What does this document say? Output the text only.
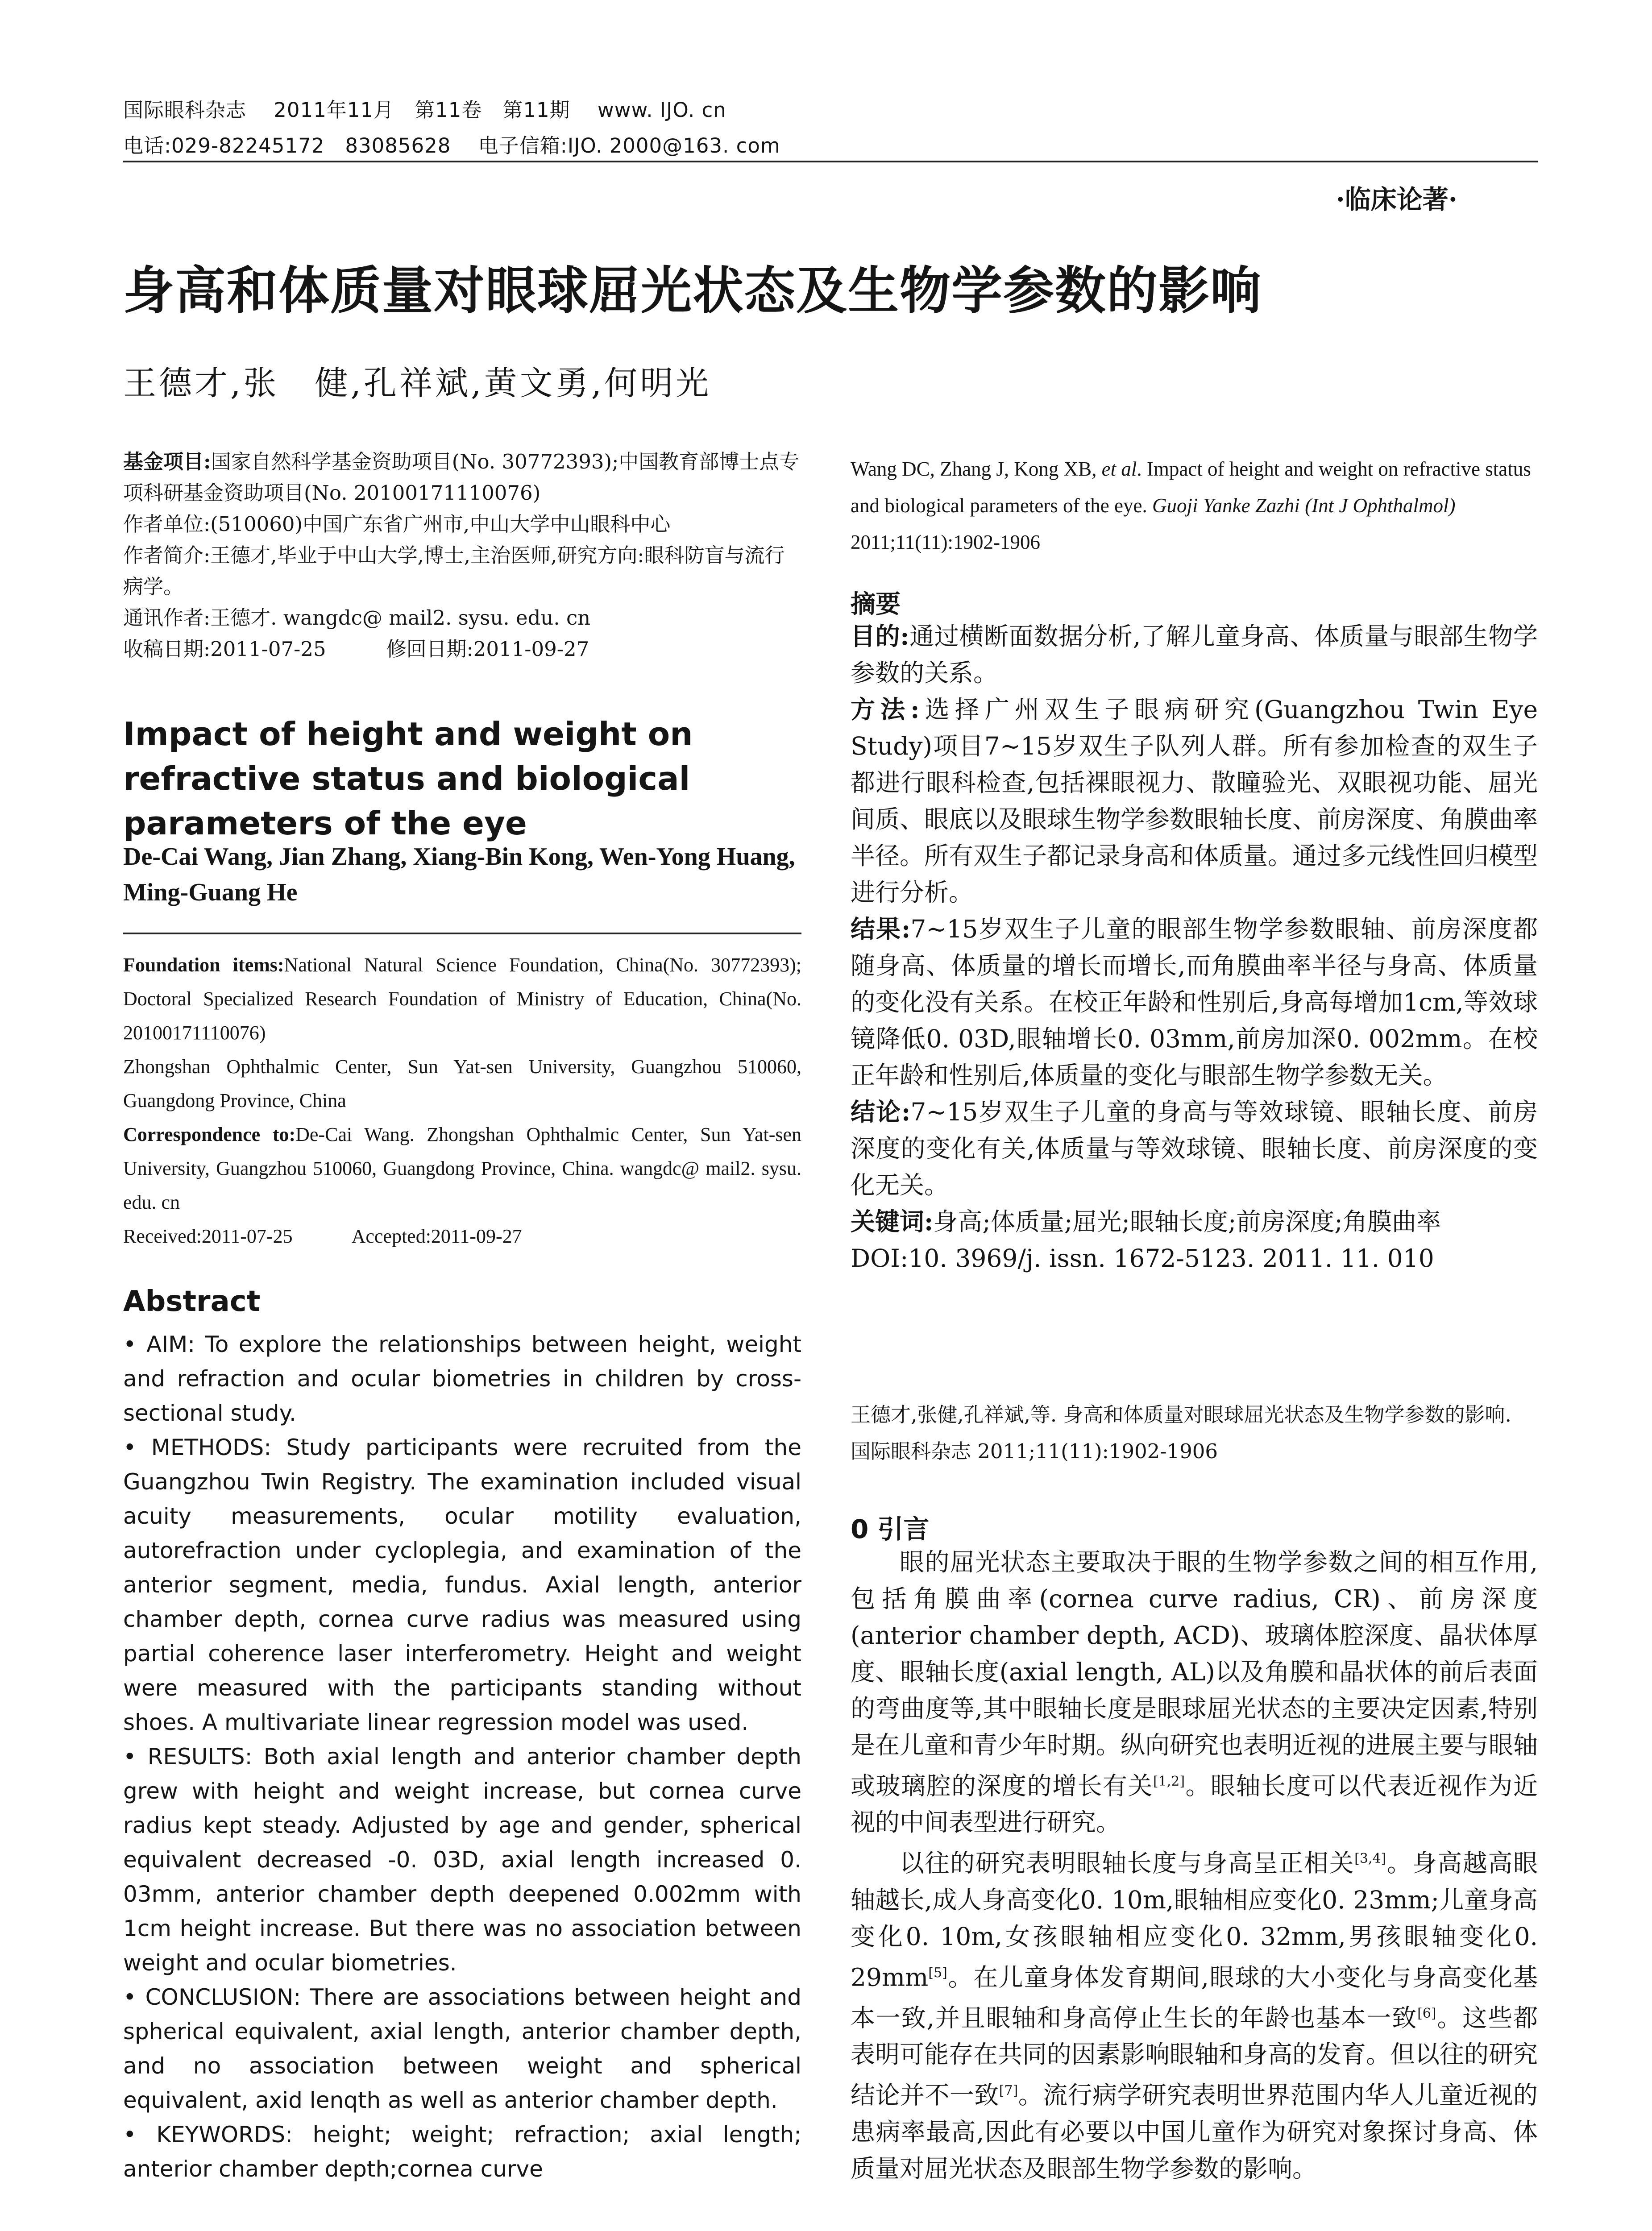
国际眼科杂志　 2011年11月　第11卷　第11期　 www. IJO. cn
电话:029-82245172　83085628　 电子信箱:IJO. 2000@163. com
·临床论著·
身高和体质量对眼球屈光状态及生物学参数的影响
王德才,张　健,孔祥斌,黄文勇,何明光

基金项目:国家自然科学基金资助项目(No. 30772393);中国教育部博士点专项科研基金资助项目(No. 20100171110076)

作者单位:(510060)中国广东省广州市,中山大学中山眼科中心

作者简介:王德才,毕业于中山大学,博士,主治医师,研究方向:眼科防盲与流行病学。

通讯作者:王德才. wangdc@ mail2. sysu. edu. cn

收稿日期:2011-07-25　　　修回日期:2011-09-27

Impact of height and weight on refractive status and biological parameters of the eye
De-Cai Wang, Jian Zhang, Xiang-Bin Kong, Wen-Yong Huang, Ming-Guang He

Foundation items:National Natural Science Foundation, China(No. 30772393); Doctoral Specialized Research Foundation of Ministry of Education, China(No. 20100171110076)

Zhongshan Ophthalmic Center, Sun Yat-sen University, Guangzhou 510060, Guangdong Province, China

Correspondence to:De-Cai Wang. Zhongshan Ophthalmic Center, Sun Yat-sen University, Guangzhou 510060, Guangdong Province, China. wangdc@ mail2. sysu. edu. cn

Received:2011-07-25　　　Accepted:2011-09-27

Abstract

• AIM: To explore the relationships between height, weight and refraction and ocular biometries in children by cross-sectional study.

• METHODS: Study participants were recruited from the Guangzhou Twin Registry. The examination included visual acuity measurements, ocular motility evaluation, autorefraction under cycloplegia, and examination of the anterior segment, media, fundus. Axial length, anterior chamber depth, cornea curve radius was measured using partial coherence laser interferometry. Height and weight were measured with the participants standing without shoes. A multivariate linear regression model was used.

• RESULTS: Both axial length and anterior chamber depth grew with height and weight increase, but cornea curve radius kept steady. Adjusted by age and gender, spherical equivalent decreased -0. 03D, axial length increased 0. 03mm, anterior chamber depth deepened 0.002mm with 1cm height increase. But there was no association between weight and ocular biometries.

• CONCLUSION: There are associations between height and spherical equivalent, axial length, anterior chamber depth, and no association between weight and spherical equivalent, axid lenqth as well as anterior chamber depth.

• KEYWORDS: height; weight; refraction; axial length; anterior chamber depth;cornea curve

Wang DC, Zhang J, Kong XB, et al. Impact of height and weight on refractive status and biological parameters of the eye. Guoji Yanke Zazhi (Int J Ophthalmol) 2011;11(11):1902-1906
摘要

目的:通过横断面数据分析,了解儿童身高、体质量与眼部生物学参数的关系。

方法:选择广州双生子眼病研究(Guangzhou Twin Eye Study)项目7~15岁双生子队列人群。所有参加检查的双生子都进行眼科检查,包括裸眼视力、散瞳验光、双眼视功能、屈光间质、眼底以及眼球生物学参数眼轴长度、前房深度、角膜曲率半径。所有双生子都记录身高和体质量。通过多元线性回归模型进行分析。

结果:7~15岁双生子儿童的眼部生物学参数眼轴、前房深度都随身高、体质量的增长而增长,而角膜曲率半径与身高、体质量的变化没有关系。在校正年龄和性别后,身高每增加1cm,等效球镜降低0. 03D,眼轴增长0. 03mm,前房加深0. 002mm。在校正年龄和性别后,体质量的变化与眼部生物学参数无关。

结论:7~15岁双生子儿童的身高与等效球镜、眼轴长度、前房深度的变化有关,体质量与等效球镜、眼轴长度、前房深度的变化无关。

关键词:身高;体质量;屈光;眼轴长度;前房深度;角膜曲率

DOI:10. 3969/j. issn. 1672-5123. 2011. 11. 010

王德才,张健,孔祥斌,等. 身高和体质量对眼球屈光状态及生物学参数的影响. 国际眼科杂志 2011;11(11):1902-1906
0 引言

眼的屈光状态主要取决于眼的生物学参数之间的相互作用,包括角膜曲率(cornea curve radius, CR)、前房深度(anterior chamber depth, ACD)、玻璃体腔深度、晶状体厚度、眼轴长度(axial length, AL)以及角膜和晶状体的前后表面的弯曲度等,其中眼轴长度是眼球屈光状态的主要决定因素,特别是在儿童和青少年时期。纵向研究也表明近视的进展主要与眼轴或玻璃腔的深度的增长有关[1,2]。眼轴长度可以代表近视作为近视的中间表型进行研究。

以往的研究表明眼轴长度与身高呈正相关[3,4]。身高越高眼轴越长,成人身高变化0. 10m,眼轴相应变化0. 23mm;儿童身高变化0. 10m,女孩眼轴相应变化0. 32mm,男孩眼轴变化0. 29mm[5]。在儿童身体发育期间,眼球的大小变化与身高变化基本一致,并且眼轴和身高停止生长的年龄也基本一致[6]。这些都表明可能存在共同的因素影响眼轴和身高的发育。但以往的研究结论并不一致[7]。流行病学研究表明世界范围内华人儿童近视的患病率最高,因此有必要以中国儿童作为研究对象探讨身高、体质量对屈光状态及眼部生物学参数的影响。
